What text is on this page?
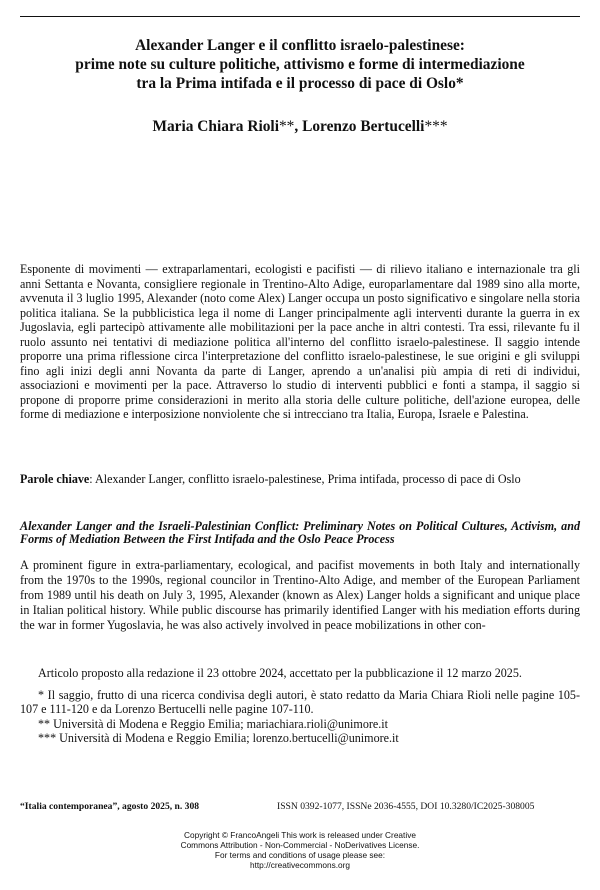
Alexander Langer e il conflitto israelo-palestinese:
prime note su culture politiche, attivismo e forme di intermediazione
tra la Prima intifada e il processo di pace di Oslo*
Maria Chiara Rioli**, Lorenzo Bertucelli***

Esponente di movimenti — extraparlamentari, ecologisti e pacifisti — di rilievo italiano e internazionale tra gli anni Settanta e Novanta, consigliere regionale in Trentino-Alto Adige, europarlamentare dal 1989 sino alla morte, avvenuta il 3 luglio 1995, Alexander (noto come Alex) Langer occupa un posto significativo e singolare nella storia politica italiana. Se la pubblicistica lega il nome di Langer principalmente agli interventi durante la guerra in ex Jugoslavia, egli partecipò attivamente alle mobilitazioni per la pace anche in altri contesti. Tra essi, rilevante fu il ruolo assunto nei tentativi di mediazione politica all'interno del conflitto israelo-palestinese. Il saggio intende proporre una prima riflessione circa l'interpretazione del conflitto israelo-palestinese, le sue origini e gli sviluppi fino agli inizi degli anni Novanta da parte di Langer, aprendo a un'analisi più ampia di reti di individui, associazioni e movimenti per la pace. Attraverso lo studio di interventi pubblici e fonti a stampa, il saggio si propone di proporre prime considerazioni in merito alla storia delle culture politiche, dell'azione europea, delle forme di mediazione e interposizione nonviolente che si intrecciano tra Italia, Europa, Israele e Palestina.

Parole chiave: Alexander Langer, conflitto israelo-palestinese, Prima intifada, processo di pace di Oslo

Alexander Langer and the Israeli-Palestinian Conflict: Preliminary Notes on Political Cultures, Activism, and Forms of Mediation Between the First Intifada and the Oslo Peace Process

A prominent figure in extra-parliamentary, ecological, and pacifist movements in both Italy and internationally from the 1970s to the 1990s, regional councilor in Trentino-Alto Adige, and member of the European Parliament from 1989 until his death on July 3, 1995, Alexander (known as Alex) Langer holds a significant and unique place in Italian political history. While public discourse has primarily identified Langer with his mediation efforts during the war in former Yugoslavia, he was also actively involved in peace mobilizations in other con-

Articolo proposto alla redazione il 23 ottobre 2024, accettato per la pubblicazione il 12 marzo 2025.

* Il saggio, frutto di una ricerca condivisa degli autori, è stato redatto da Maria Chiara Rioli nelle pagine 105-107 e 111-120 e da Lorenzo Bertucelli nelle pagine 107-110.

** Università di Modena e Reggio Emilia; mariachiara.rioli@unimore.it

*** Università di Modena e Reggio Emilia; lorenzo.bertucelli@unimore.it

“Italia contemporanea”, agosto 2025, n. 308	ISSN 0392-1077, ISSNe 2036-4555, DOI 10.3280/IC2025-308005
Copyright © FrancoAngeli This work is released under Creative
Commons Attribution - Non-Commercial - NoDerivatives License.
For terms and conditions of usage please see:
http://creativecommons.org
